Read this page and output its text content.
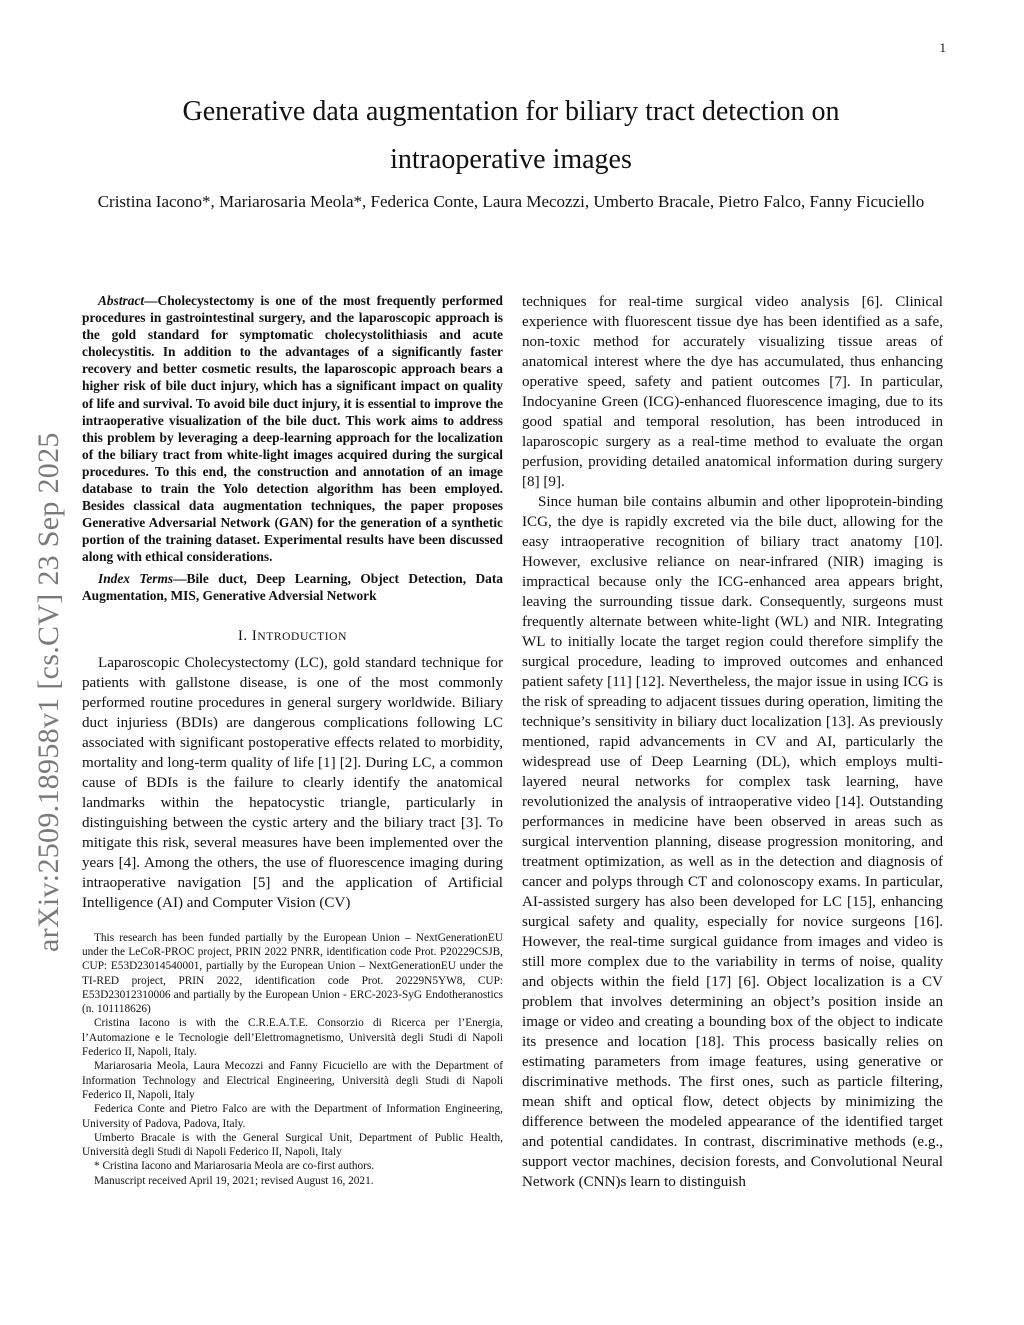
1
arXiv:2509.18958v1 [cs.CV] 23 Sep 2025
Generative data augmentation for biliary tract detection on intraoperative images
Cristina Iacono*, Mariarosaria Meola*, Federica Conte, Laura Mecozzi, Umberto Bracale, Pietro Falco, Fanny Ficuciello

Abstract—Cholecystectomy is one of the most frequently performed procedures in gastrointestinal surgery, and the laparoscopic approach is the gold standard for symptomatic cholecystolithiasis and acute cholecystitis. In addition to the advantages of a significantly faster recovery and better cosmetic results, the laparoscopic approach bears a higher risk of bile duct injury, which has a significant impact on quality of life and survival. To avoid bile duct injury, it is essential to improve the intraoperative visualization of the bile duct. This work aims to address this problem by leveraging a deep-learning approach for the localization of the biliary tract from white-light images acquired during the surgical procedures. To this end, the construction and annotation of an image database to train the Yolo detection algorithm has been employed. Besides classical data augmentation techniques, the paper proposes Generative Adversarial Network (GAN) for the generation of a synthetic portion of the training dataset. Experimental results have been discussed along with ethical considerations.

Index Terms—Bile duct, Deep Learning, Object Detection, Data Augmentation, MIS, Generative Adversial Network

I. INTRODUCTION

Laparoscopic Cholecystectomy (LC), gold standard technique for patients with gallstone disease, is one of the most commonly performed routine procedures in general surgery worldwide. Biliary duct injuriess (BDIs) are dangerous complications following LC associated with significant postoperative effects related to morbidity, mortality and long-term quality of life [1] [2]. During LC, a common cause of BDIs is the failure to clearly identify the anatomical landmarks within the hepatocystic triangle, particularly in distinguishing between the cystic artery and the biliary tract [3]. To mitigate this risk, several measures have been implemented over the years [4]. Among the others, the use of fluorescence imaging during intraoperative navigation [5] and the application of Artificial Intelligence (AI) and Computer Vision (CV)

This research has been funded partially by the European Union – NextGenerationEU under the LeCoR-PROC project, PRIN 2022 PNRR, identification code Prot. P20229CSJB, CUP: E53D23014540001, partially by the European Union – NextGenerationEU under the TI-RED project, PRIN 2022, identification code Prot. 20229N5YW8, CUP: E53D23012310006 and partially by the European Union - ERC-2023-SyG Endotheranostics (n. 101118626)

Cristina Iacono is with the C.R.E.A.T.E. Consorzio di Ricerca per l’Energia, l’Automazione e le Tecnologie dell’Elettromagnetismo, Università degli Studi di Napoli Federico II, Napoli, Italy.

Mariarosaria Meola, Laura Mecozzi and Fanny Ficuciello are with the Department of Information Technology and Electrical Engineering, Università degli Studi di Napoli Federico II, Napoli, Italy

Federica Conte and Pietro Falco are with the Department of Information Engineering, University of Padova, Padova, Italy.

Umberto Bracale is with the General Surgical Unit, Department of Public Health, Università degli Studi di Napoli Federico II, Napoli, Italy

* Cristina Iacono and Mariarosaria Meola are co-first authors.

Manuscript received April 19, 2021; revised August 16, 2021.

techniques for real-time surgical video analysis [6]. Clinical experience with fluorescent tissue dye has been identified as a safe, non-toxic method for accurately visualizing tissue areas of anatomical interest where the dye has accumulated, thus enhancing operative speed, safety and patient outcomes [7]. In particular, Indocyanine Green (ICG)-enhanced fluorescence imaging, due to its good spatial and temporal resolution, has been introduced in laparoscopic surgery as a real-time method to evaluate the organ perfusion, providing detailed anatomical information during surgery [8] [9].

Since human bile contains albumin and other lipoprotein-binding ICG, the dye is rapidly excreted via the bile duct, allowing for the easy intraoperative recognition of biliary tract anatomy [10]. However, exclusive reliance on near-infrared (NIR) imaging is impractical because only the ICG-enhanced area appears bright, leaving the surrounding tissue dark. Consequently, surgeons must frequently alternate between white-light (WL) and NIR. Integrating WL to initially locate the target region could therefore simplify the surgical procedure, leading to improved outcomes and enhanced patient safety [11] [12]. Nevertheless, the major issue in using ICG is the risk of spreading to adjacent tissues during operation, limiting the technique’s sensitivity in biliary duct localization [13]. As previously mentioned, rapid advancements in CV and AI, particularly the widespread use of Deep Learning (DL), which employs multi-layered neural networks for complex task learning, have revolutionized the analysis of intraoperative video [14]. Outstanding performances in medicine have been observed in areas such as surgical intervention planning, disease progression monitoring, and treatment optimization, as well as in the detection and diagnosis of cancer and polyps through CT and colonoscopy exams. In particular, AI-assisted surgery has also been developed for LC [15], enhancing surgical safety and quality, especially for novice surgeons [16]. However, the real-time surgical guidance from images and video is still more complex due to the variability in terms of noise, quality and objects within the field [17] [6]. Object localization is a CV problem that involves determining an object’s position inside an image or video and creating a bounding box of the object to indicate its presence and location [18]. This process basically relies on estimating parameters from image features, using generative or discriminative methods. The first ones, such as particle filtering, mean shift and optical flow, detect objects by minimizing the difference between the modeled appearance of the identified target and potential candidates. In contrast, discriminative methods (e.g., support vector machines, decision forests, and Convolutional Neural Network (CNN)s learn to distinguish
